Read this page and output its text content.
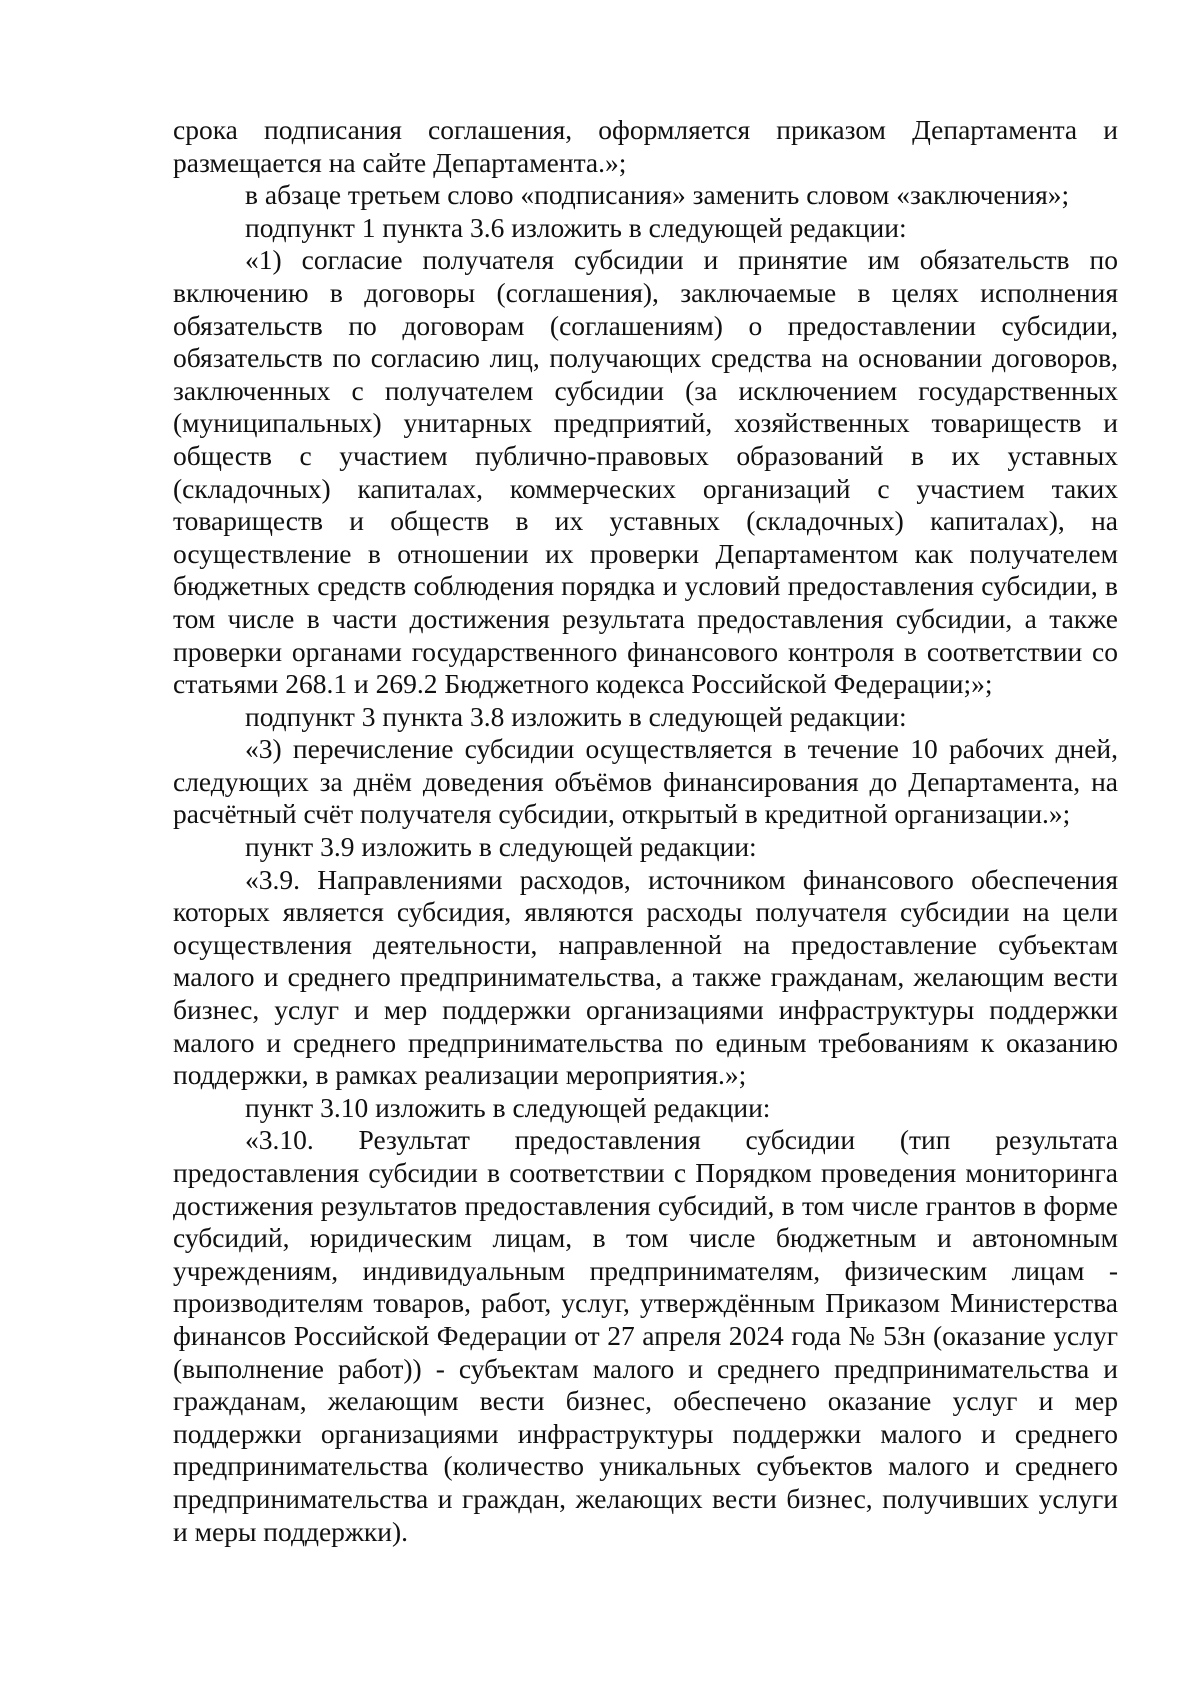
срока подписания соглашения, оформляется приказом Департамента и размещается на сайте Департамента.»;

в абзаце третьем слово «подписания» заменить словом «заключения»;

подпункт 1 пункта 3.6 изложить в следующей редакции:

«1) согласие получателя субсидии и принятие им обязательств по включению в договоры (соглашения), заключаемые в целях исполнения обязательств по договорам (соглашениям) о предоставлении субсидии, обязательств по согласию лиц, получающих средства на основании договоров, заключенных с получателем субсидии (за исключением государственных (муниципальных) унитарных предприятий, хозяйственных товариществ и обществ с участием публично-правовых образований в их уставных (складочных) капиталах, коммерческих организаций с участием таких товариществ и обществ в их уставных (складочных) капиталах), на осуществление в отношении их проверки Департаментом как получателем бюджетных средств соблюдения порядка и условий предоставления субсидии, в том числе в части достижения результата предоставления субсидии, а также проверки органами государственного финансового контроля в соответствии со статьями 268.1 и 269.2 Бюджетного кодекса Российской Федерации;»;

подпункт 3 пункта 3.8 изложить в следующей редакции:

«3) перечисление субсидии осуществляется в течение 10 рабочих дней, следующих за днём доведения объёмов финансирования до Департамента, на расчётный счёт получателя субсидии, открытый в кредитной организации.»;

пункт 3.9 изложить в следующей редакции:

«3.9. Направлениями расходов, источником финансового обеспечения которых является субсидия, являются расходы получателя субсидии на цели осуществления деятельности, направленной на предоставление субъектам малого и среднего предпринимательства, а также гражданам, желающим вести бизнес, услуг и мер поддержки организациями инфраструктуры поддержки малого и среднего предпринимательства по единым требованиям к оказанию поддержки, в рамках реализации мероприятия.»;

пункт 3.10 изложить в следующей редакции:

«3.10. Результат предоставления субсидии (тип результата предоставления субсидии в соответствии с Порядком проведения мониторинга достижения результатов предоставления субсидий, в том числе грантов в форме субсидий, юридическим лицам, в том числе бюджетным и автономным учреждениям, индивидуальным предпринимателям, физическим лицам - производителям товаров, работ, услуг, утверждённым Приказом Министерства финансов Российской Федерации от 27 апреля 2024 года № 53н (оказание услуг (выполнение работ)) - субъектам малого и среднего предпринимательства и гражданам, желающим вести бизнес, обеспечено оказание услуг и мер поддержки организациями инфраструктуры поддержки малого и среднего предпринимательства (количество уникальных субъектов малого и среднего предпринимательства и граждан, желающих вести бизнес, получивших услуги и меры поддержки).
